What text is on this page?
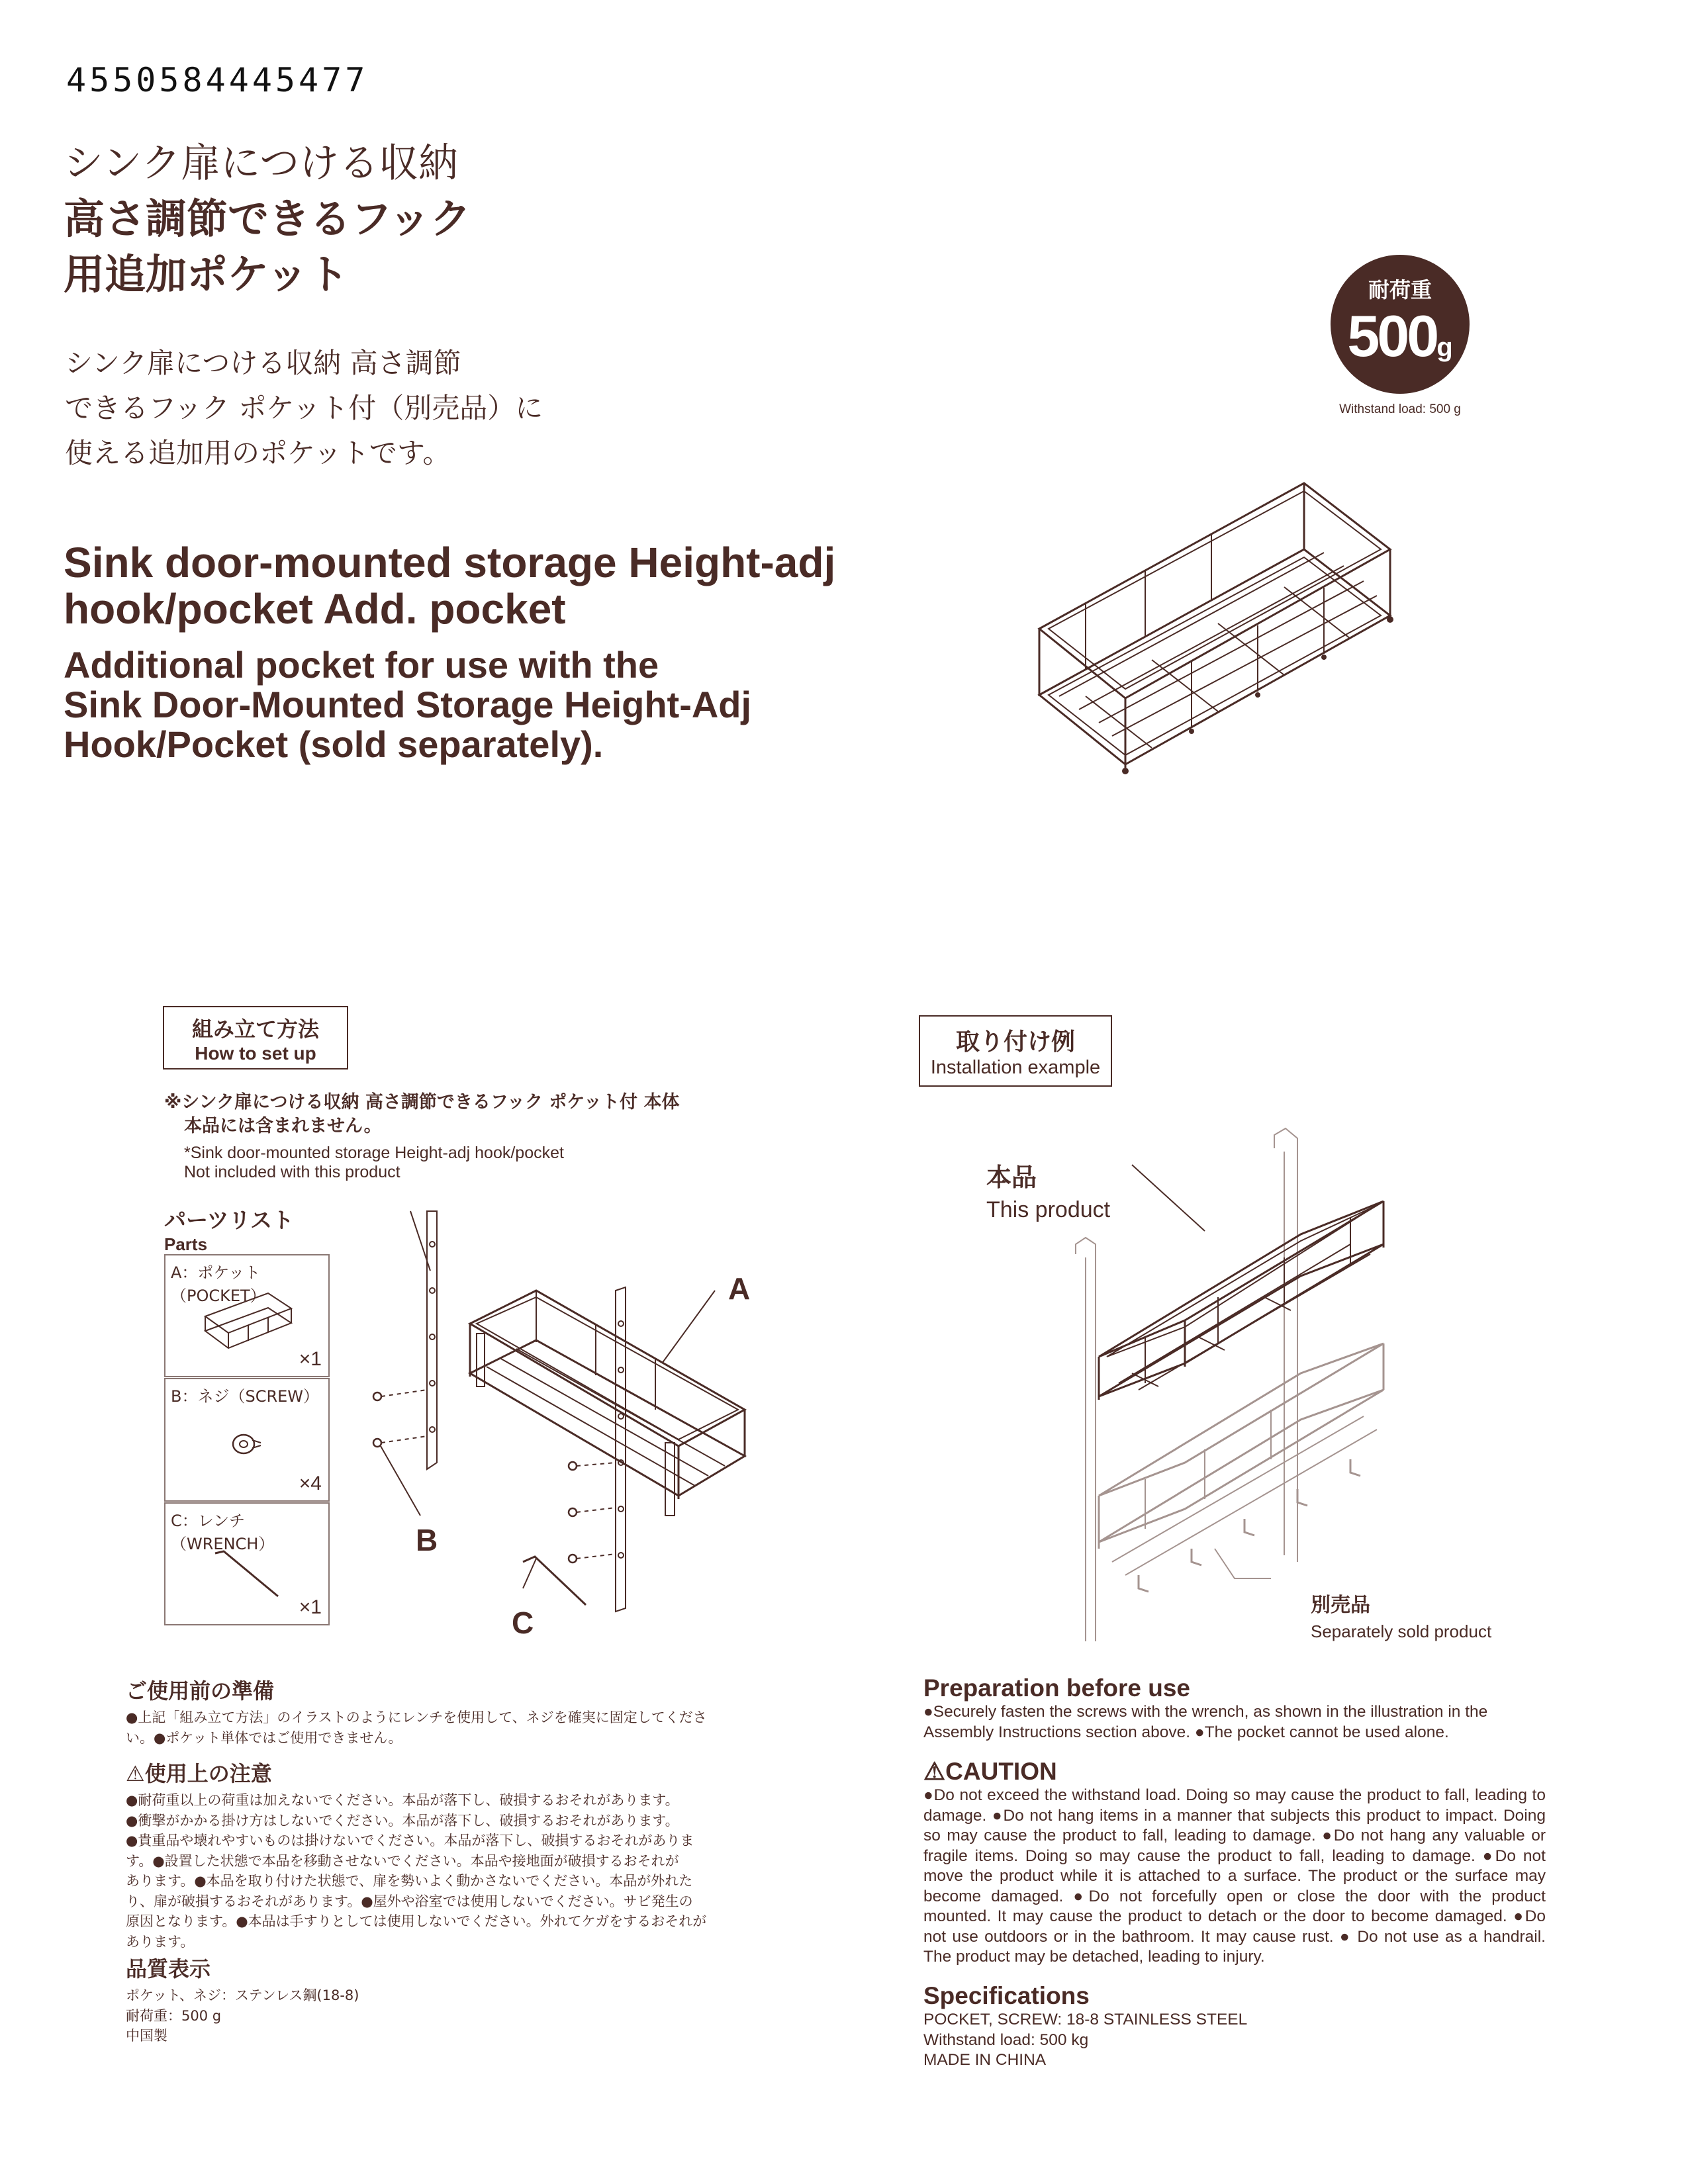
4550584445477
シンク扉につける収納
高さ調節できるフック
用追加ポケット
シンク扉につける収納 高さ調節
できるフック ポケット付（別売品）に
使える追加用のポケットです。
Sink door-mounted storage Height-adj
hook/pocket Add. pocket
Additional pocket for use with the
Sink Door-Mounted Storage Height-Adj
Hook/Pocket (sold separately).
耐荷重
500g
Withstand load: 500 g
組み立て方法
How to set up
※シンク扉につける収納 高さ調節できるフック ポケット付 本体
本品には含まれません。
*Sink door-mounted storage Height-adj hook/pocket
Not included with this product
パーツリスト
Parts
A：ポケット（POCKET）
×1
B：ネジ（SCREW）
×4
C：レンチ（WRENCH）
×1
A
B
C
取り付け例
Installation example
本品
This product
別売品
Separately sold product
ご使用前の準備
●上記「組み立て方法」のイラストのようにレンチを使用して、ネジを確実に固定してくださ
い。●ポケット単体ではご使用できません。
⚠使用上の注意
●耐荷重以上の荷重は加えないでください。本品が落下し、破損するおそれがあります。
●衝撃がかかる掛け方はしないでください。本品が落下し、破損するおそれがあります。
●貴重品や壊れやすいものは掛けないでください。本品が落下し、破損するおそれがありま
す。●設置した状態で本品を移動させないでください。本品や接地面が破損するおそれが
あります。●本品を取り付けた状態で、扉を勢いよく動かさないでください。本品が外れた
り、扉が破損するおそれがあります。●屋外や浴室では使用しないでください。サビ発生の
原因となります。●本品は手すりとしては使用しないでください。外れてケガをするおそれが
あります。
品質表示
ポケット、ネジ：ステンレス鋼(18-8)
耐荷重：500 g
中国製
Preparation before use
●Securely fasten the screws with the wrench, as shown in the illustration in the
Assembly Instructions section above. ●The pocket cannot be used alone.
⚠CAUTION
●Do not exceed the withstand load. Doing so may cause the product to fall, leading to damage. ●Do not hang items in a manner that subjects this product to impact. Doing so may cause the product to fall, leading to damage. ●Do not hang any valuable or fragile items. Doing so may cause the product to fall, leading to damage. ●Do not move the product while it is attached to a surface. The product or the surface may become damaged. ●Do not forcefully open or close the door with the product mounted. It may cause the product to detach or the door to become damaged. ●Do not use outdoors or in the bathroom. It may cause rust. ● Do not use as a handrail. The product may be detached, leading to injury.
Specifications
POCKET, SCREW: 18-8 STAINLESS STEEL
Withstand load: 500 kg
MADE IN CHINA
